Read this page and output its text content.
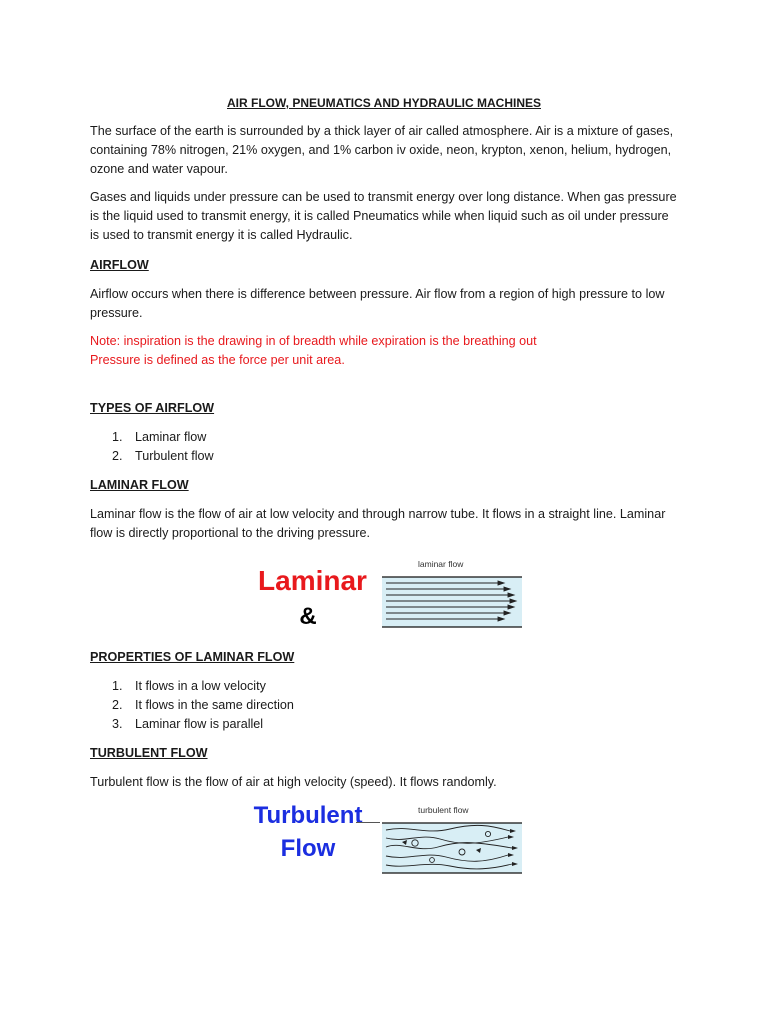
AIR FLOW, PNEUMATICS AND HYDRAULIC MACHINES

The surface of the earth is surrounded by a thick layer of air called atmosphere. Air is a mixture of gases, containing 78% nitrogen, 21% oxygen, and 1% carbon iv oxide, neon, krypton, xenon, helium, hydrogen, ozone and water vapour.

Gases and liquids under pressure can be used to transmit energy over long distance. When gas pressure is the liquid used to transmit energy, it is called Pneumatics while when liquid such as oil under pressure is used to transmit energy it is called Hydraulic.

AIRFLOW

Airflow occurs when there is difference between pressure. Air flow from a region of high pressure to low pressure.

Note: inspiration is the drawing in of breadth while expiration is the breathing out

Pressure is defined as the force per unit area.

TYPES OF AIRFLOW

1. Laminar flow
2. Turbulent flow

LAMINAR FLOW

Laminar flow is the flow of air at low velocity and through narrow tube. It flows in a straight line. Laminar flow is directly proportional to the driving pressure.

Laminar
&
laminar flow

PROPERTIES OF LAMINAR FLOW

1. It flows in a low velocity
2. It flows in the same direction
3. Laminar flow is parallel

TURBULENT FLOW

Turbulent flow is the flow of air at high velocity (speed). It flows randomly.

Turbulent
Flow
turbulent flow
